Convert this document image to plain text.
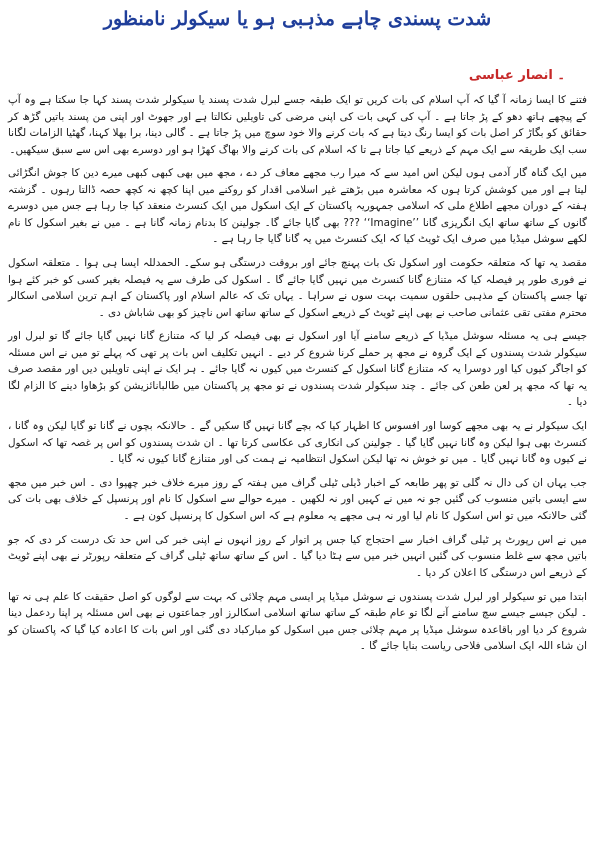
شدت پسندی چاہے مذہبی ہو یا سیکولر نامنظور
۔ انصار عباسی

فتنے کا ایسا زمانہ آ گیا کہ آپ اسلام کی بات کریں تو ایک طبقہ جسے لبرل شدت پسند یا سیکولر شدت پسند کہا جا سکتا ہے وہ آپ کے پیچھے ہاتھ دھو کے پڑ جاتا ہے ۔ آپ کی کہی بات کی اپنی مرضی کی تاویلیں نکالتا ہے اور جھوٹ اور اپنی من پسند باتیں گڑھ کر حقائق کو بگاڑ کر اصل بات کو ایسا رنگ دیتا ہے کہ بات کرنے والا خود سوچ میں پڑ جاتا ہے ۔ گالی دینا، برا بھلا کہنا، گھٹیا الزامات لگانا سب ایک طریقہ سے ایک مہم کے ذریعے کیا جاتا ہے تا کہ اسلام کی بات کرنے والا بھاگ کھڑا ہو اور دوسرے بھی اس سے سبق سیکھیں۔

میں ایک گناہ گار آدمی ہوں لیکن اس امید سے کہ میرا رب مجھے معاف کر دے ، مجھ میں بھی کبھی کبھی میرے دین کا جوش انگڑائی لیتا ہے اور میں کوشش کرتا ہوں کہ معاشرہ میں بڑھتے غیر اسلامی اقدار کو روکنے میں اپنا کچھ نہ کچھ حصہ ڈالتا رہوں ۔ گزشتہ ہفتہ کے دوران مجھے اطلاع ملی کہ اسلامی جمہوریہ پاکستان کے ایک اسکول میں ایک کنسرٹ منعقد کیا جا رہا ہے جس میں دوسرے گانوں کے ساتھ ساتھ ایک انگریزی گانا ’’Imagine‘‘ ??? بھی گایا جائے گا۔ جولینن کا بدنام زمانہ گانا ہے ۔ میں نے بغیر اسکول کا نام لکھے سوشل میڈیا میں صرف ایک ٹویٹ کیا کہ ایک کنسرٹ میں یہ گانا گایا جا رہا ہے ۔

مقصد یہ تھا کہ متعلقہ حکومت اور اسکول تک بات پہنچ جائے اور بروقت درستگی ہو سکے۔ الحمدللہ ایسا ہی ہوا ۔ متعلقہ اسکول نے فوری طور پر فیصلہ کیا کہ متنازع گانا کنسرٹ میں نہیں گایا جائے گا ۔ اسکول کی طرف سے یہ فیصلہ بغیر کسی کو خبر کئے ہوا تھا جسے پاکستان کے مذہبی حلقوں سمیت بہت سوں نے سراہا ۔ یہاں تک کہ عالم اسلام اور پاکستان کے اہم ترین اسلامی اسکالر محترم مفتی تقی عثمانی صاحب نے بھی اپنے ٹویٹ کے ذریعے اسکول کے ساتھ ساتھ اس ناچیز کو بھی شاباش دی ۔

جیسے ہی یہ مسئلہ سوشل میڈیا کے ذریعے سامنے آیا اور اسکول نے بھی فیصلہ کر لیا کہ متنازع گانا نہیں گایا جائے گا تو لبرل اور سیکولر شدت پسندوں کے ایک گروہ نے مجھ پر حملے کرنا شروع کر دیے ۔ انہیں تکلیف اس بات پر تھی کہ پہلے تو میں نے اس مسئلہ کو اجاگر کیوں کیا اور دوسرا یہ کہ متنازع گانا اسکول کے کنسرٹ میں کیوں نہ گایا جائے ۔ ہر ایک نے اپنی تاویلیں دیں اور مقصد صرف یہ تھا کہ مجھ پر لعن طعن کی جائے ۔ چند سیکولر شدت پسندوں نے تو مجھ پر پاکستان میں طالبانائزیشن کو بڑھاوا دینے کا الزام لگا دیا ۔

ایک سیکولر نے یہ بھی مجھے کوسا اور افسوس کا اظہار کیا کہ بچے گانا نہیں گا سکیں گے ۔ حالانکہ بچوں نے گانا تو گایا لیکن وہ گانا ، کنسرٹ بھی ہوا لیکن وہ گانا نہیں گایا گیا ۔ جولینن کی انکاری کی عکاسی کرتا تھا ۔ ان شدت پسندوں کو اس پر غصہ تھا کہ اسکول نے کیوں وہ گانا نہیں گایا ۔ میں تو خوش نہ تھا لیکن اسکول انتظامیہ نے ہمت کی اور متنازع گانا کیوں نہ گایا ۔

جب یہاں ان کی دال نہ گلی تو پھر طابعہ کے اخبار ڈیلی ٹیلی گراف میں ہفتہ کے روز میرے خلاف خبر چھپوا دی ۔ اس خبر میں مجھ سے ایسی باتیں منسوب کی گئیں جو نہ میں نے کہیں اور نہ لکھیں ۔ میرے حوالے سے اسکول کا نام اور پرنسپل کے خلاف بھی بات کی گئی حالانکہ میں تو اس اسکول کا نام لیا اور نہ ہی مجھے یہ معلوم ہے کہ اس اسکول کا پرنسپل کون ہے ۔

میں نے اس رپورٹ پر ٹیلی گراف اخبار سے احتجاج کیا جس پر اتوار کے روز انہوں نے اپنی خبر کی اس حد تک درست کر دی کہ جو باتیں مجھ سے غلط منسوب کی گئیں انہیں خبر میں سے ہٹا دیا گیا ۔ اس کے ساتھ ساتھ ٹیلی گراف کے متعلقہ رپورٹر نے بھی اپنے ٹویٹ کے ذریعے اس درستگی کا اعلان کر دیا ۔

ابتدا میں تو سیکولر اور لبرل شدت پسندوں نے سوشل میڈیا پر ایسی مہم چلائی کہ بہت سے لوگوں کو اصل حقیقت کا علم ہی نہ تھا ۔ لیکن جیسے جیسے سچ سامنے آنے لگا تو عام طبقہ کے ساتھ ساتھ اسلامی اسکالرز اور جماعتوں نے بھی اس مسئلہ پر اپنا ردعمل دینا شروع کر دیا اور باقاعدہ سوشل میڈیا پر مہم چلائی جس میں اسکول کو مبارکباد دی گئی اور اس بات کا اعادہ کیا گیا کہ پاکستان کو ان شاء اللہ ایک اسلامی فلاحی ریاست بنایا جائے گا ۔
